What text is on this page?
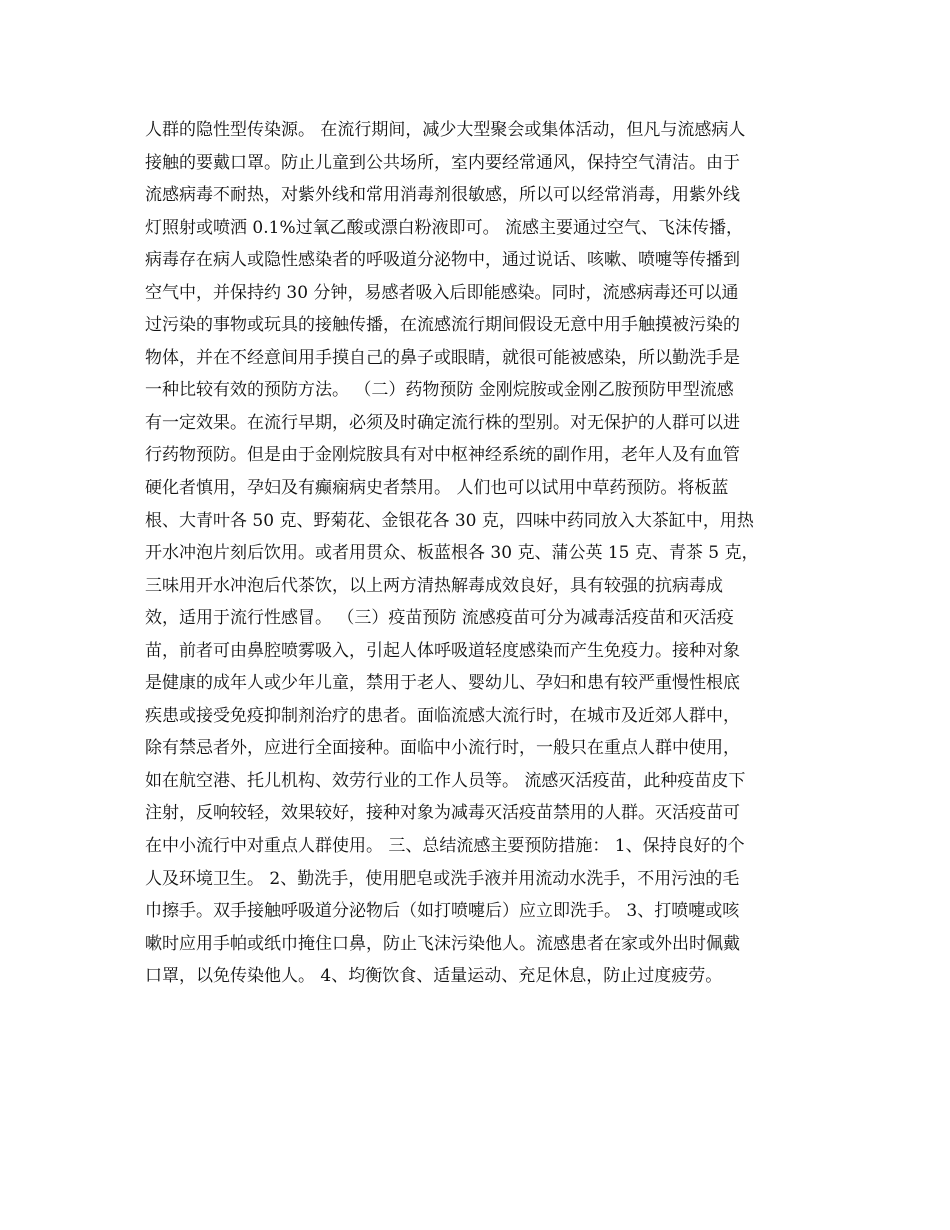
人群的隐性型传染源。 在流行期间，减少大型聚会或集体活动，但凡与流感病人
接触的要戴口罩。防止儿童到公共场所，室内要经常通风，保持空气清洁。由于
流感病毒不耐热，对紫外线和常用消毒剂很敏感，所以可以经常消毒，用紫外线
灯照射或喷洒 0.1%过氧乙酸或漂白粉液即可。 流感主要通过空气、飞沫传播，
病毒存在病人或隐性感染者的呼吸道分泌物中，通过说话、咳嗽、喷嚏等传播到
空气中，并保持约 30 分钟，易感者吸入后即能感染。同时，流感病毒还可以通
过污染的事物或玩具的接触传播，在流感流行期间假设无意中用手触摸被污染的
物体，并在不经意间用手摸自己的鼻子或眼睛，就很可能被感染，所以勤洗手是
一种比较有效的预防方法。 （二）药物预防 金刚烷胺或金刚乙胺预防甲型流感
有一定效果。在流行早期，必须及时确定流行株的型别。对无保护的人群可以进
行药物预防。但是由于金刚烷胺具有对中枢神经系统的副作用，老年人及有血管
硬化者慎用，孕妇及有癫痫病史者禁用。 人们也可以试用中草药预防。将板蓝
根、大青叶各 50 克、野菊花、金银花各 30 克，四味中药同放入大茶缸中，用热
开水冲泡片刻后饮用。或者用贯众、板蓝根各 30 克、蒲公英 15 克、青茶 5 克，
三味用开水冲泡后代茶饮，以上两方清热解毒成效良好，具有较强的抗病毒成
效，适用于流行性感冒。 （三）疫苗预防 流感疫苗可分为减毒活疫苗和灭活疫
苗，前者可由鼻腔喷雾吸入，引起人体呼吸道轻度感染而产生免疫力。接种对象
是健康的成年人或少年儿童，禁用于老人、婴幼儿、孕妇和患有较严重慢性根底
疾患或接受免疫抑制剂治疗的患者。面临流感大流行时，在城市及近郊人群中，
除有禁忌者外，应进行全面接种。面临中小流行时，一般只在重点人群中使用，
如在航空港、托儿机构、效劳行业的工作人员等。 流感灭活疫苗，此种疫苗皮下
注射，反响较轻，效果较好，接种对象为减毒灭活疫苗禁用的人群。灭活疫苗可
在中小流行中对重点人群使用。 三、总结流感主要预防措施： 1、保持良好的个
人及环境卫生。 2、勤洗手，使用肥皂或洗手液并用流动水洗手，不用污浊的毛
巾擦手。双手接触呼吸道分泌物后（如打喷嚏后）应立即洗手。 3、打喷嚏或咳
嗽时应用手帕或纸巾掩住口鼻，防止飞沫污染他人。流感患者在家或外出时佩戴
口罩，以免传染他人。 4、均衡饮食、适量运动、充足休息，防止过度疲劳。
